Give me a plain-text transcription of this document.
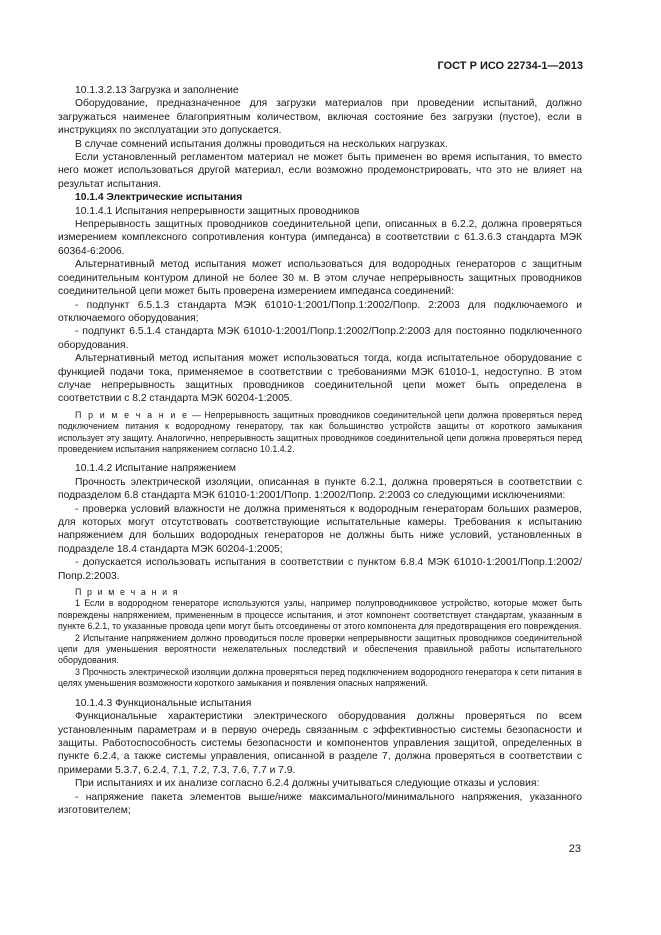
ГОСТ Р ИСО 22734-1—2013

10.1.3.2.13 Загрузка и заполнение

Оборудование, предназначенное для загрузки материалов при проведении испытаний, должно загружаться наименее благоприятным количеством, включая состояние без загрузки (пустое), если в инструкциях по эксплуатации это допускается.

В случае сомнений испытания должны проводиться на нескольких нагрузках.

Если установленный регламентом материал не может быть применен во время испытания, то вместо него может использоваться другой материал, если возможно продемонстрировать, что это не влияет на результат испытания.

10.1.4 Электрические испытания

10.1.4.1 Испытания непрерывности защитных проводников

Непрерывность защитных проводников соединительной цепи, описанных в 6.2.2, должна проверяться измерением комплексного сопротивления контура (импеданса) в соответствии с 61.3.6.3 стандарта МЭК 60364-6:2006.

Альтернативный метод испытания может использоваться для водородных генераторов с защитным соединительным контуром длиной не более 30 м. В этом случае непрерывность защитных проводников соединительной цепи может быть проверена измерением импеданса соединений:

- подпункт 6.5.1.3 стандарта МЭК 61010-1:2001/Попр.1:2002/Попр. 2:2003 для подключаемого и отключаемого оборудования;

- подпункт 6.5.1.4 стандарта МЭК 61010-1:2001/Попр.1:2002/Попр.2:2003 для постоянно подключенного оборудования.

Альтернативный метод испытания может использоваться тогда, когда испытательное оборудование с функцией подачи тока, применяемое в соответствии с требованиями МЭК 61010-1, недоступно. В этом случае непрерывность защитных проводников соединительной цепи может быть определена в соответствии с 8.2 стандарта МЭК 60204-1:2005.

П р и м е ч а н и е — Непрерывность защитных проводников соединительной цепи должна проверяться перед подключением питания к водородному генератору, так как большинство устройств защиты от короткого замыкания использует эту защиту. Аналогично, непрерывность защитных проводников соединительной цепи должна проверяться перед проведением испытания напряжением согласно 10.1.4.2.

10.1.4.2 Испытание напряжением

Прочность электрической изоляции, описанная в пункте 6.2.1, должна проверяться в соответствии с подразделом 6.8 стандарта МЭК 61010-1:2001/Попр. 1:2002/Попр. 2:2003 со следующими исключениями:

- проверка условий влажности не должна применяться к водородным генераторам больших размеров, для которых могут отсутствовать соответствующие испытательные камеры. Требования к испытанию напряжением для больших водородных генераторов не должны быть ниже условий, установленных в подразделе 18.4 стандарта МЭК 60204-1:2005;

- допускается использовать испытания в соответствии с пунктом 6.8.4 МЭК 61010-1:2001/Попр.1:2002/Попр.2:2003.

П р и м е ч а н и я

1 Если в водородном генераторе используются узлы, например полупроводниковое устройство, которые может быть повреждены напряжением, примененным в процессе испытания, и этот компонент соответствует стандартам, указанным в пункте 6.2.1, то указанные провода цепи могут быть отсоединены от этого компонента для предотвращения его повреждения.

2 Испытание напряжением должно проводиться после проверки непрерывности защитных проводников соединительной цепи для уменьшения вероятности нежелательных последствий и обеспечения правильной работы испытательного оборудования.

3 Прочность электрической изоляции должна проверяться перед подключением водородного генератора к сети питания в целях уменьшения возможности короткого замыкания и появления опасных напряжений.

10.1.4.3 Функциональные испытания

Функциональные характеристики электрического оборудования должны проверяться по всем установленным параметрам и в первую очередь связанным с эффективностью системы безопасности и защиты. Работоспособность системы безопасности и компонентов управления защитой, определенных в пункте 6.2.4, а также системы управления, описанной в разделе 7, должна проверяться в соответствии с примерами 5.3.7, 6.2.4, 7.1, 7.2, 7.3, 7.6, 7.7 и 7.9.

При испытаниях и их анализе согласно 6.2.4 должны учитываться следующие отказы и условия:

- напряжение пакета элементов выше/ниже максимального/минимального напряжения, указанного изготовителем;

23
